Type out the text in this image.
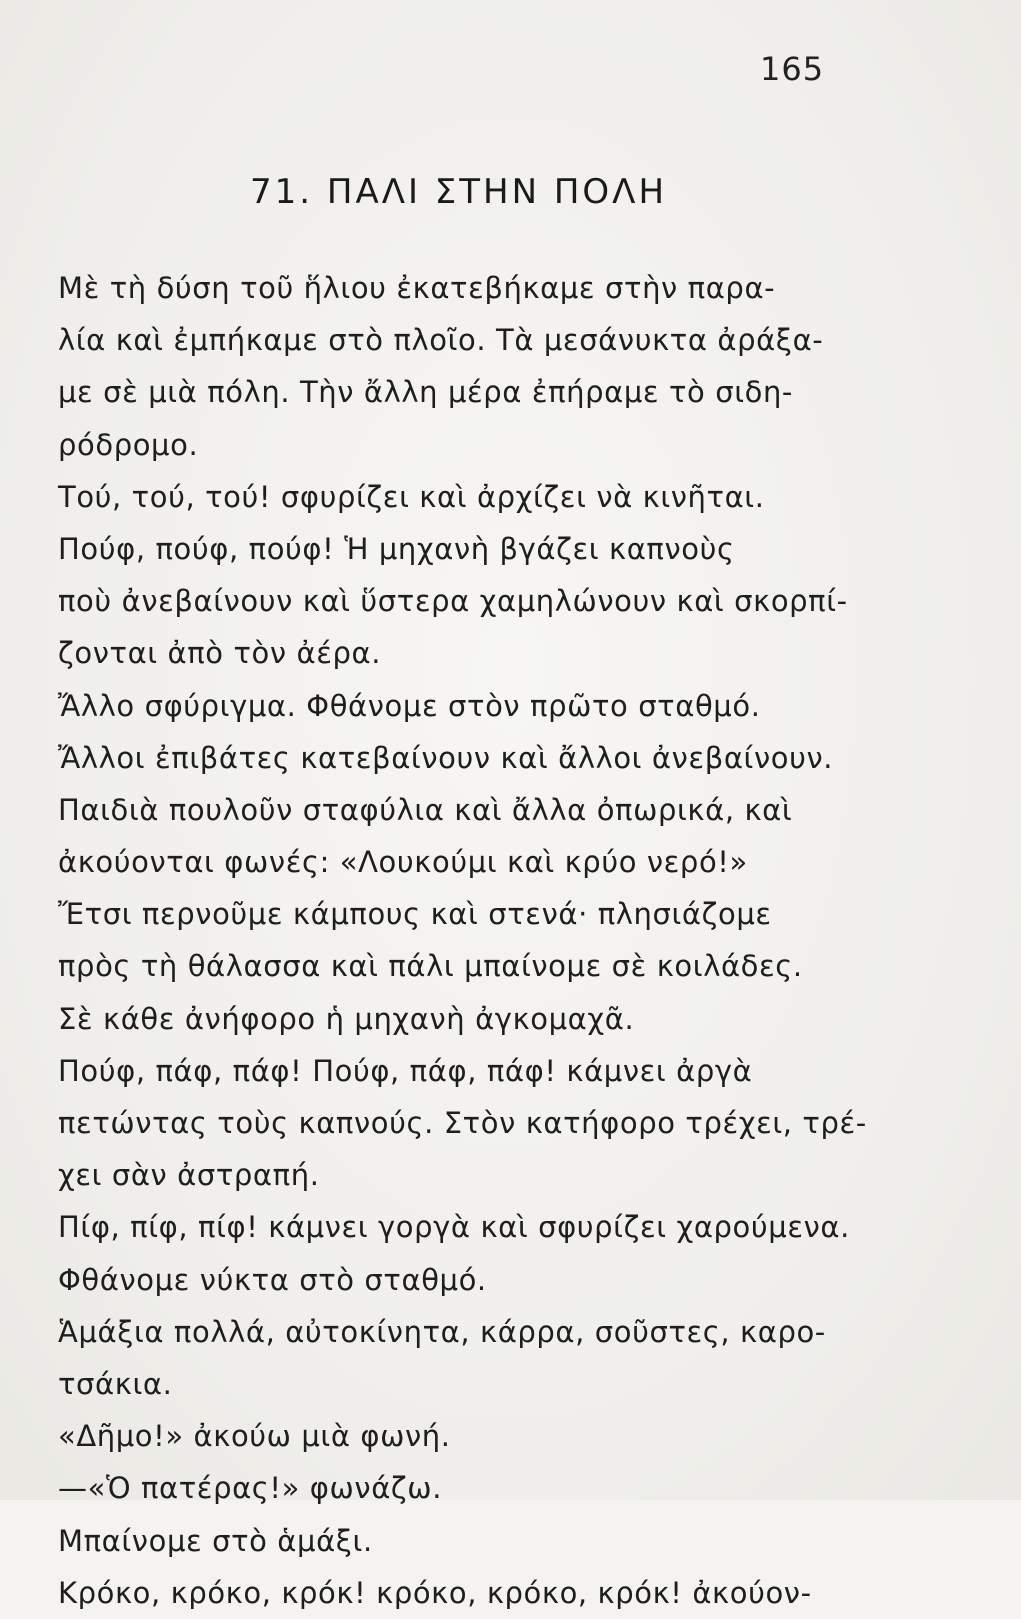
165
71. ΠΑΛΙ ΣΤΗΝ ΠΟΛΗ
Μὲ τὴ δύση τοῦ ἥλιου ἐκατεβήκαμε στὴν παρα-
λία καὶ ἐμπήκαμε στὸ πλοῖο. Τὰ μεσάνυκτα ἀράξα-
με σὲ μιὰ πόλη. Τὴν ἄλλη μέρα ἐπήραμε τὸ σιδη-
ρόδρομο.
Τού, τού, τού! σφυρίζει καὶ ἀρχίζει νὰ κινῆται.
Πούφ, πούφ, πούφ! Ἡ μηχανὴ βγάζει καπνοὺς
ποὺ ἀνεβαίνουν καὶ ὕστερα χαμηλώνουν καὶ σκορπί-
ζονται ἀπὸ τὸν ἀέρα.
Ἄλλο σφύριγμα. Φθάνομε στὸν πρῶτο σταθμό.
Ἄλλοι ἐπιβάτες κατεβαίνουν καὶ ἄλλοι ἀνεβαίνουν.
Παιδιὰ πουλοῦν σταφύλια καὶ ἄλλα ὀπωρικά, καὶ
ἀκούονται φωνές: «Λουκούμι καὶ κρύο νερό!»
Ἔτσι περνοῦμε κάμπους καὶ στενά· πλησιάζομε
πρὸς τὴ θάλασσα καὶ πάλι μπαίνομε σὲ κοιλάδες.
Σὲ κάθε ἀνήφορο ἡ μηχανὴ ἀγκομαχᾶ.
Πούφ, πάφ, πάφ! Πούφ, πάφ, πάφ! κάμνει ἀργὰ
πετώντας τοὺς καπνούς. Στὸν κατήφορο τρέχει, τρέ-
χει σὰν ἀστραπή.
Πίφ, πίφ, πίφ! κάμνει γοργὰ καὶ σφυρίζει χαρούμενα.
Φθάνομε νύκτα στὸ σταθμό.
Ἁμάξια πολλά, αὐτοκίνητα, κάρρα, σοῦστες, καρο-
τσάκια.
«Δῆμο!» ἀκούω μιὰ φωνή.
—«Ὁ πατέρας!» φωνάζω.
Μπαίνομε στὸ ἁμάξι.
Κρόκο, κρόκο, κρόκ! κρόκο, κρόκο, κρόκ! ἀκούον-
